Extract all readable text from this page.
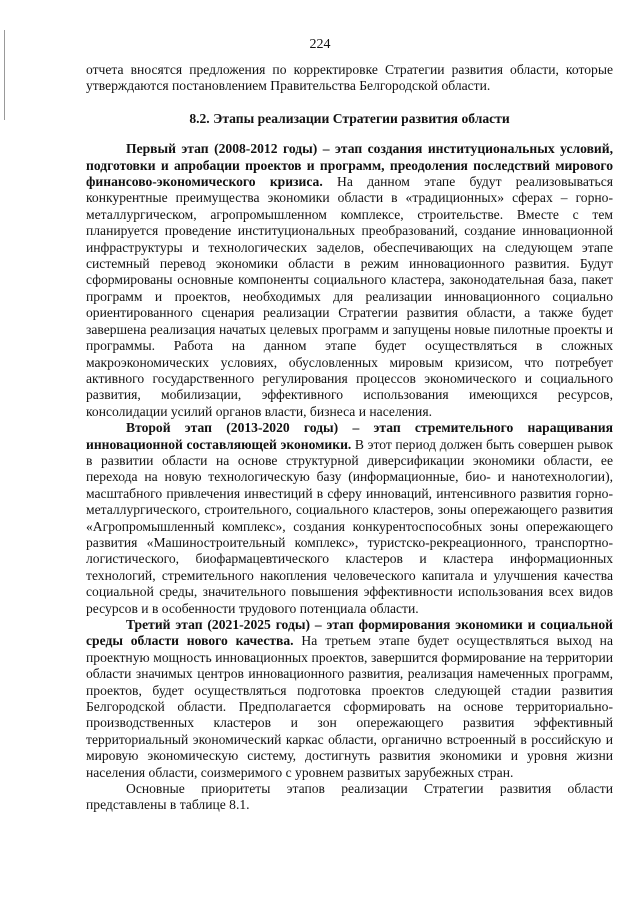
224

отчета вносятся предложения по корректировке Стратегии развития области, которые утверждаются постановлением Правительства Белгородской области.

8.2. Этапы реализации Стратегии развития области

Первый этап (2008-2012 годы) – этап создания институциональных условий, подготовки и апробации проектов и программ, преодоления последствий мирового финансово-экономического кризиса. На данном этапе будут реализовываться конкурентные преимущества экономики области в «традиционных» сферах – горно-металлургическом, агропромышленном комплексе, строительстве. Вместе с тем планируется проведение институциональных преобразований, создание инновационной инфраструктуры и технологических заделов, обеспечивающих на следующем этапе системный перевод экономики области в режим инновационного развития. Будут сформированы основные компоненты социального кластера, законодательная база, пакет программ и проектов, необходимых для реализации инновационного социально ориентированного сценария реализации Стратегии развития области, а также будет завершена реализация начатых целевых программ и запущены новые пилотные проекты и программы. Работа на данном этапе будет осуществляться в сложных макроэкономических условиях, обусловленных мировым кризисом, что потребует активного государственного регулирования процессов экономического и социального развития, мобилизации, эффективного использования имеющихся ресурсов, консолидации усилий органов власти, бизнеса и населения.

Второй этап (2013-2020 годы) – этап стремительного наращивания инновационной составляющей экономики. В этот период должен быть совершен рывок в развитии области на основе структурной диверсификации экономики области, ее перехода на новую технологическую базу (информационные, био- и нанотехнологии), масштабного привлечения инвестиций в сферу инноваций, интенсивного развития горно-металлургического, строительного, социального кластеров, зоны опережающего развития «Агропромышленный комплекс», создания конкурентоспособных зоны опережающего развития «Машиностроительный комплекс», туристско-рекреационного, транспортно-логистического, биофармацевтического кластеров и кластера информационных технологий, стремительного накопления человеческого капитала и улучшения качества социальной среды, значительного повышения эффективности использования всех видов ресурсов и в особенности трудового потенциала области.

Третий этап (2021-2025 годы) – этап формирования экономики и социальной среды области нового качества. На третьем этапе будет осуществляться выход на проектную мощность инновационных проектов, завершится формирование на территории области значимых центров инновационного развития, реализация намеченных программ, проектов, будет осуществляться подготовка проектов следующей стадии развития Белгородской области. Предполагается сформировать на основе территориально-производственных кластеров и зон опережающего развития эффективный территориальный экономический каркас области, органично встроенный в российскую и мировую экономическую систему, достигнуть развития экономики и уровня жизни населения области, соизмеримого с уровнем развитых зарубежных стран.

Основные приоритеты этапов реализации Стратегии развития области представлены в таблице 8.1.
